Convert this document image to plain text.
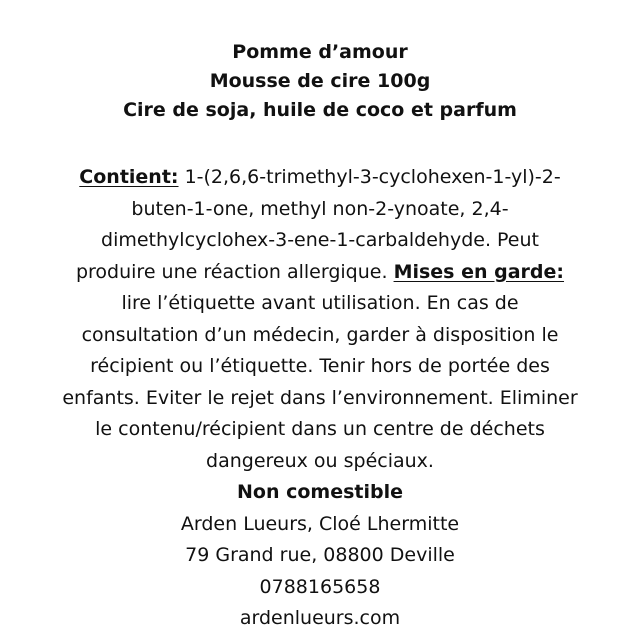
Pomme d’amour
Mousse de cire 100g
Cire de soja, huile de coco et parfum
Contient: 1-(2,6,6-trimethyl-3-cyclohexen-1-yl)-2-
buten-1-one, methyl non-2-ynoate, 2,4-
dimethylcyclohex-3-ene-1-carbaldehyde. Peut
produire une réaction allergique. Mises en garde:
lire l’étiquette avant utilisation. En cas de
consultation d’un médecin, garder à disposition le
récipient ou l’étiquette. Tenir hors de portée des
enfants. Eviter le rejet dans l’environnement. Eliminer
le contenu/récipient dans un centre de déchets
dangereux ou spéciaux.
Non comestible
Arden Lueurs, Cloé Lhermitte
79 Grand rue, 08800 Deville
0788165658
ardenlueurs.com
